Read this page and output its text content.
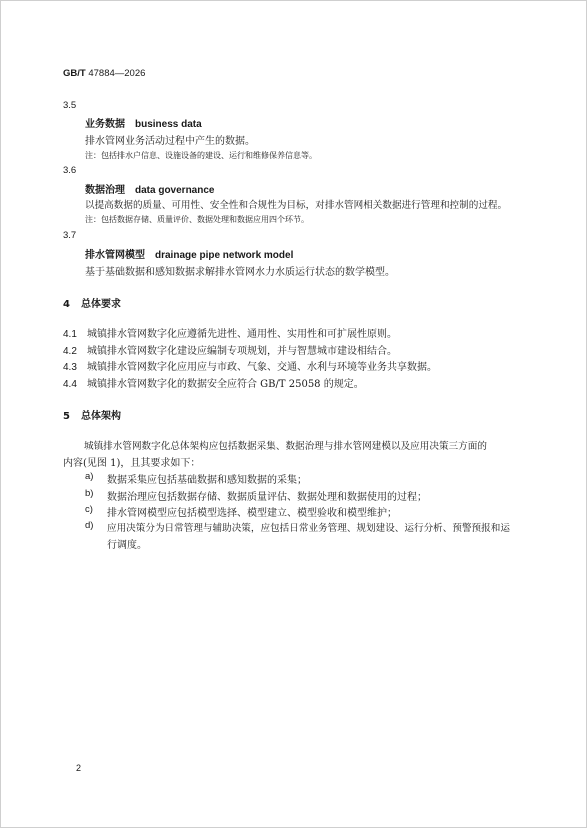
GB/T 47884—2026
3.5
业务数据 business data
排水管网业务活动过程中产生的数据。
注：包括排水户信息、设施设备的建设、运行和维修保养信息等。
3.6
数据治理 data governance
以提高数据的质量、可用性、安全性和合规性为目标，对排水管网相关数据进行管理和控制的过程。
注：包括数据存储、质量评价、数据处理和数据应用四个环节。
3.7
排水管网模型 drainage pipe network model
基于基础数据和感知数据求解排水管网水力水质运行状态的数学模型。
4 总体要求
4.1 城镇排水管网数字化应遵循先进性、通用性、实用性和可扩展性原则。
4.2 城镇排水管网数字化建设应编制专项规划，并与智慧城市建设相结合。
4.3 城镇排水管网数字化应用应与市政、气象、交通、水利与环境等业务共享数据。
4.4 城镇排水管网数字化的数据安全应符合 GB/T 25058 的规定。
5 总体架构
城镇排水管网数字化总体架构应包括数据采集、数据治理与排水管网建模以及应用决策三方面的
内容(见图 1)，且其要求如下：
a) 数据采集应包括基础数据和感知数据的采集；
b) 数据治理应包括数据存储、数据质量评估、数据处理和数据使用的过程；
c) 排水管网模型应包括模型选择、模型建立、模型验收和模型维护；
d) 应用决策分为日常管理与辅助决策，应包括日常业务管理、规划建设、运行分析、预警预报和运
行调度。
2
